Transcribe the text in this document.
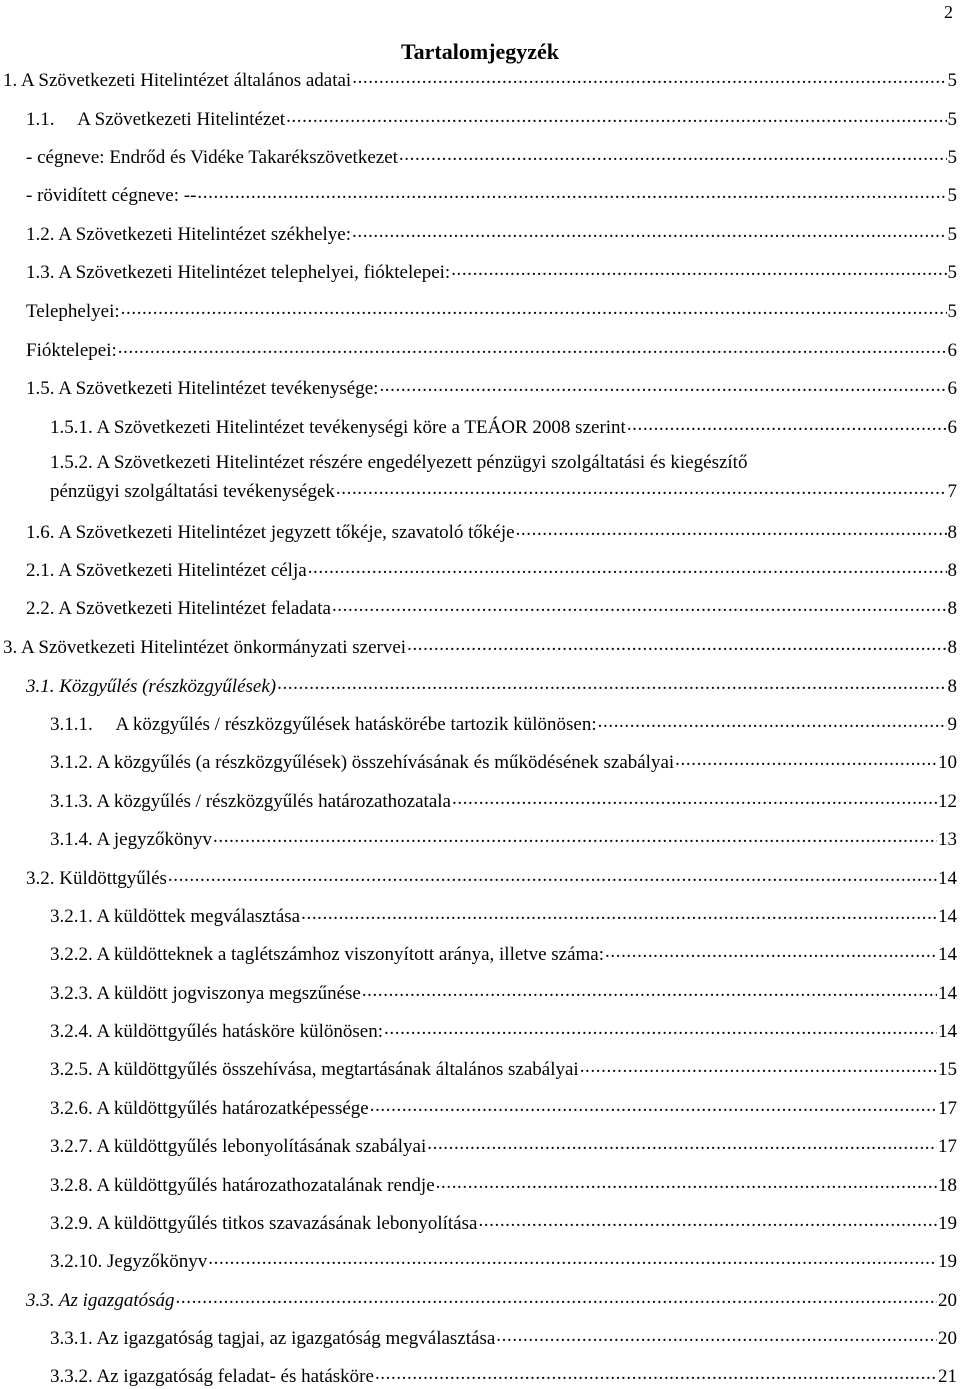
2
Tartalomjegyzék
1. A Szövetkezeti Hitelintézet általános adatai .....	5
1.1.     A Szövetkezeti Hitelintézet .....	5
- cégneve: Endrőd és Vidéke Takarékszövetkezet .....	5
- rövidített cégneve: -- .....	5
1.2. A Szövetkezeti Hitelintézet székhelye: .....	5
1.3. A Szövetkezeti Hitelintézet telephelyei, fióktelepei: .....	5
Telephelyei: .....	5
Fióktelepei: .....	6
1.5. A Szövetkezeti Hitelintézet tevékenysége: .....	6
1.5.1. A Szövetkezeti Hitelintézet tevékenységi köre a TEÁOR 2008 szerint .....	6
1.5.2. A Szövetkezeti Hitelintézet részére engedélyezett pénzügyi szolgáltatási és kiegészítő
pénzügyi szolgáltatási tevékenységek .....	7
1.6. A Szövetkezeti Hitelintézet jegyzett tőkéje, szavatoló tőkéje .....	8
2.1. A Szövetkezeti Hitelintézet célja .....	8
2.2. A Szövetkezeti Hitelintézet feladata .....	8
3. A Szövetkezeti Hitelintézet önkormányzati szervei .....	8
3.1. Közgyűlés (részközgyűlések) .....	8
3.1.1.     A közgyűlés / részközgyűlések hatáskörébe tartozik különösen: .....	9
3.1.2. A közgyűlés (a részközgyűlések) összehívásának és működésének szabályai .....	10
3.1.3. A közgyűlés / részközgyűlés határozathozatala .....	12
3.1.4. A jegyzőkönyv .....	13
3.2. Küldöttgyűlés .....	14
3.2.1. A küldöttek megválasztása .....	14
3.2.2. A küldötteknek a taglétszámhoz viszonyított aránya, illetve száma: .....	14
3.2.3. A küldött jogviszonya megszűnése .....	14
3.2.4. A küldöttgyűlés hatásköre különösen: .....	14
3.2.5. A küldöttgyűlés összehívása, megtartásának általános szabályai .....	15
3.2.6. A küldöttgyűlés határozatképessége .....	17
3.2.7. A küldöttgyűlés lebonyolításának szabályai .....	17
3.2.8. A küldöttgyűlés határozathozatalának rendje .....	18
3.2.9. A küldöttgyűlés titkos szavazásának lebonyolítása .....	19
3.2.10. Jegyzőkönyv .....	19
3.3. Az igazgatóság .....	20
3.3.1. Az igazgatóság tagjai, az igazgatóság megválasztása .....	20
3.3.2. Az igazgatóság feladat- és hatásköre .....	21
